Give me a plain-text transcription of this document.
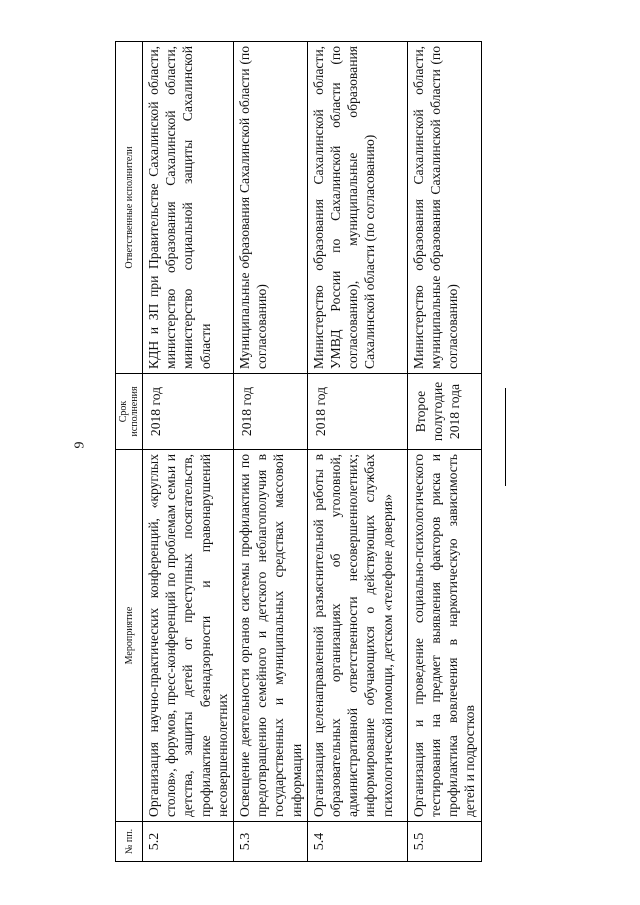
9
№ пп.	Мероприятие	Срок исполнения	Ответственные исполнители
5.2	Организация научно-практических конференций, «круглых столов», форумов, пресс-конференций по проблемам семьи и детства, защиты детей от преступных посягательств, профилактике безнадзорности и правонарушений несовершеннолетних	2018 год	КДН и ЗП при Правительстве Сахалинской области, министерство образования Сахалинской области, министерство социальной защиты Сахалинской области
5.3	Освещение деятельности органов системы профилактики по предотвращению семейного и детского неблагополучия в государственных и муниципальных средствах массовой информации	2018 год	Муниципальные образования Сахалинской области (по согласованию)
5.4	Организация целенаправленной разъяснительной работы в образовательных организациях об уголовной, административной ответственности несовершеннолетних; информирование обучающихся о действующих службах психологической помощи, детском «телефоне доверия»	2018 год	Министерство образования Сахалинской области, УМВД России по Сахалинской области (по согласованию), муниципальные образования Сахалинской области (по согласованию)
5.5	Организация и проведение социально-психологического тестирования на предмет выявления факторов риска и профилактика вовлечения в наркотическую зависимость детей и подростков	Второе полугодие 2018 года	Министерство образования Сахалинской области, муниципальные образования Сахалинской области (по согласованию)
